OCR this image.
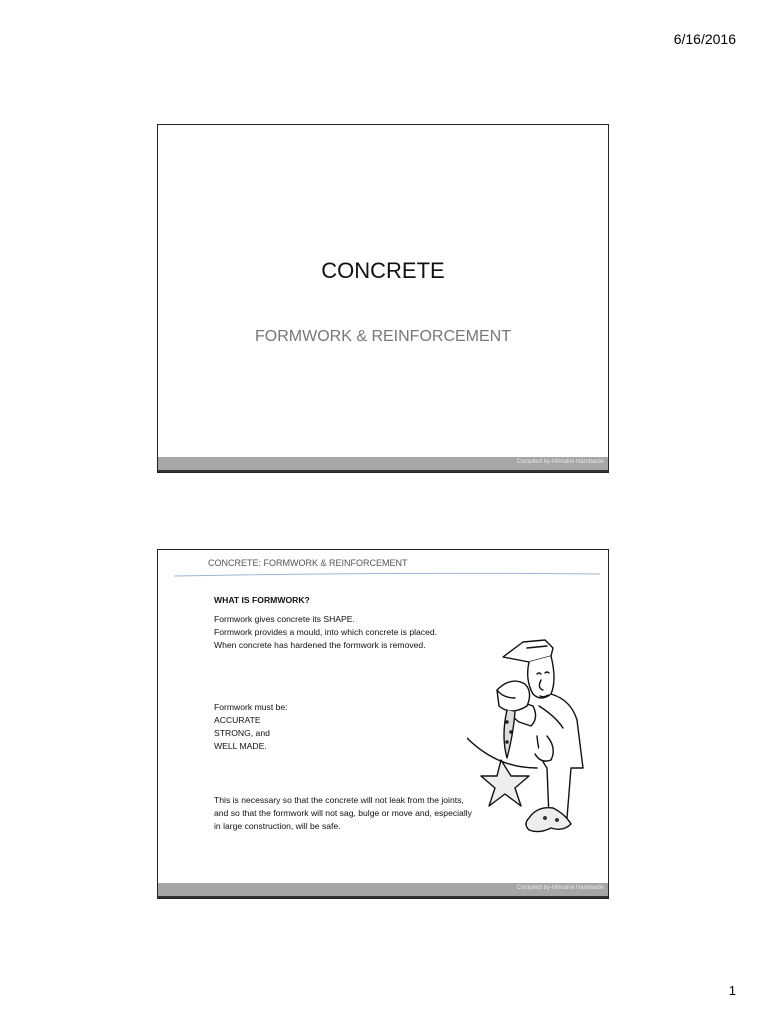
6/16/2016
CONCRETE
FORMWORK & REINFORCEMENT
Compiled by-Mrinalini Hambarde
CONCRETE: FORMWORK & REINFORCEMENT
WHAT IS FORMWORK?
Formwork gives concrete its SHAPE.
Formwork provides a mould, into which concrete is placed.
When concrete has hardened the formwork is removed.
Formwork must be:
ACCURATE
STRONG, and
WELL MADE.
This is necessary so that the concrete will not leak from the joints, and so that the formwork will not sag, bulge or move and, especially in large construction, will be safe.
Compiled by-Mrinalini Hambarde
1
